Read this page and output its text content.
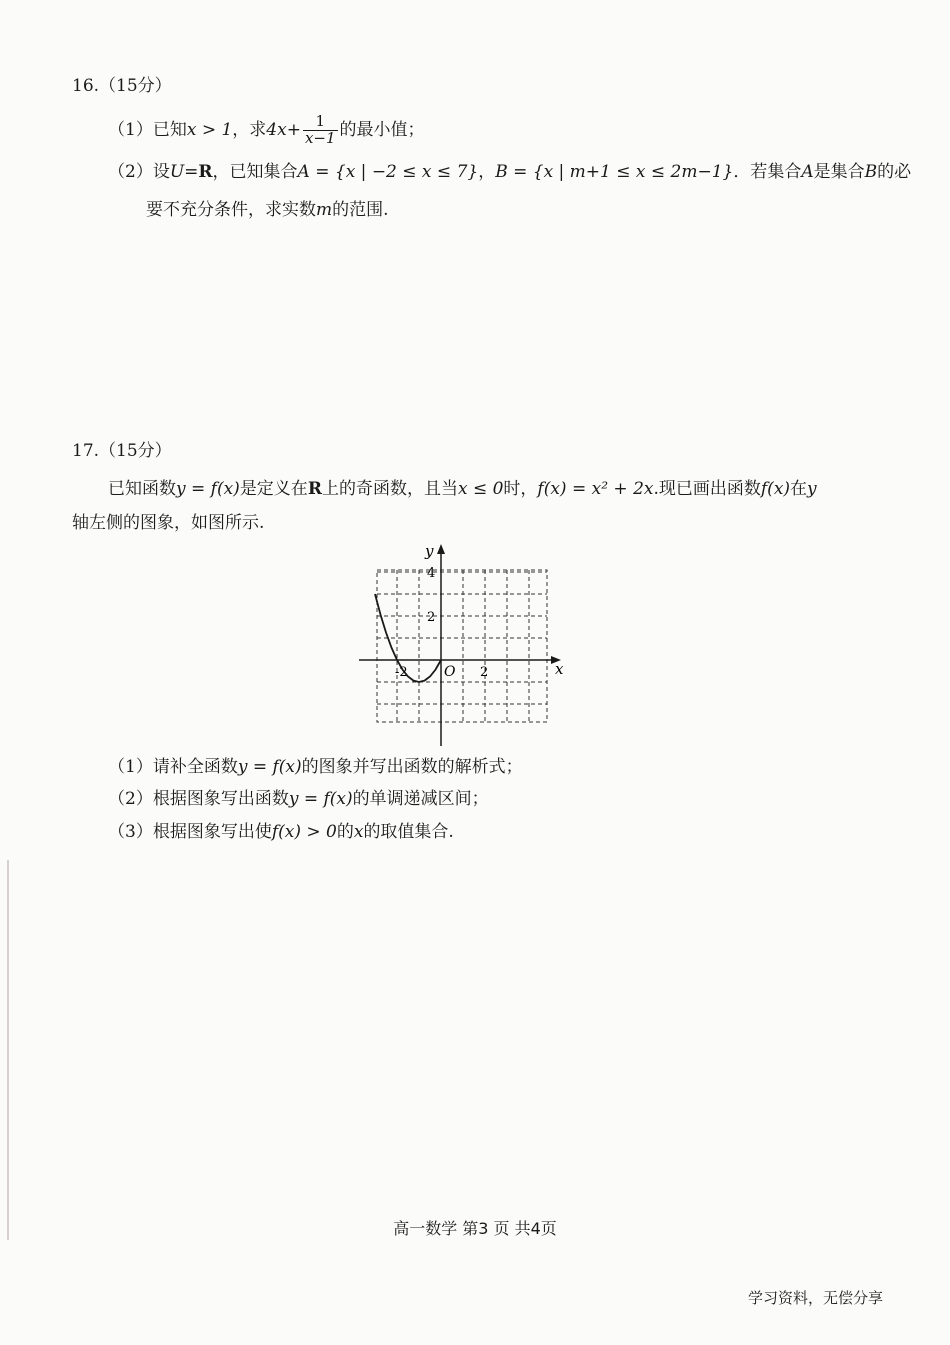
16.（15分）
（1）已知x > 1，求$4x+ \frac{1}{x-1}$ 的最小值；
（2）设U=R，已知集合A = {x | −2 ≤ x ≤ 7}，B = {x | m+1 ≤ x ≤ 2m−1}．若集合A是集合B的必
要不充分条件，求实数m的范围.
17.（15分）
已知函数y = f(x)是定义在R上的奇函数，且当x ≤ 0时，f(x) = x² + 2x.现已画出函数f(x)在y
轴左侧的图象，如图所示.
x
y
O
-2	2
2
4
（1）请补全函数y = f(x)的图象并写出函数的解析式；
（2）根据图象写出函数y = f(x)的单调递减区间；
（3）根据图象写出使f(x) > 0的x的取值集合.
高一数学 第3 页 共4页
学习资料，无偿分享
